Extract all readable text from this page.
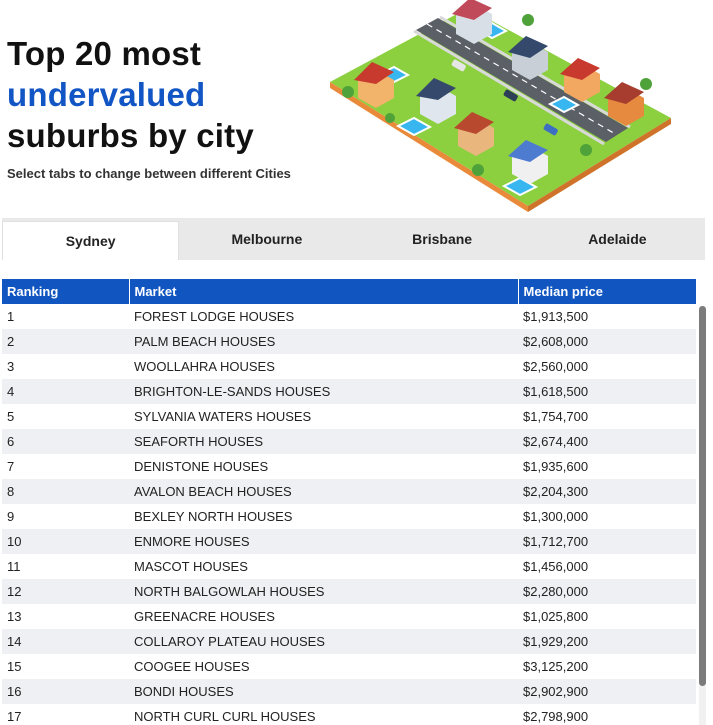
Top 20 most
undervalued
suburbs by city
Select tabs to change between different Cities
Sydney	Melbourne	Brisbane	Adelaide
Ranking	Market	Median price
1	FOREST LODGE HOUSES	$1,913,500
2	PALM BEACH HOUSES	$2,608,000
3	WOOLLAHRA HOUSES	$2,560,000
4	BRIGHTON-LE-SANDS HOUSES	$1,618,500
5	SYLVANIA WATERS HOUSES	$1,754,700
6	SEAFORTH HOUSES	$2,674,400
7	DENISTONE HOUSES	$1,935,600
8	AVALON BEACH HOUSES	$2,204,300
9	BEXLEY NORTH HOUSES	$1,300,000
10	ENMORE HOUSES	$1,712,700
11	MASCOT HOUSES	$1,456,000
12	NORTH BALGOWLAH HOUSES	$2,280,000
13	GREENACRE HOUSES	$1,025,800
14	COLLAROY PLATEAU HOUSES	$1,929,200
15	COOGEE HOUSES	$3,125,200
16	BONDI HOUSES	$2,902,900
17	NORTH CURL CURL HOUSES	$2,798,900
